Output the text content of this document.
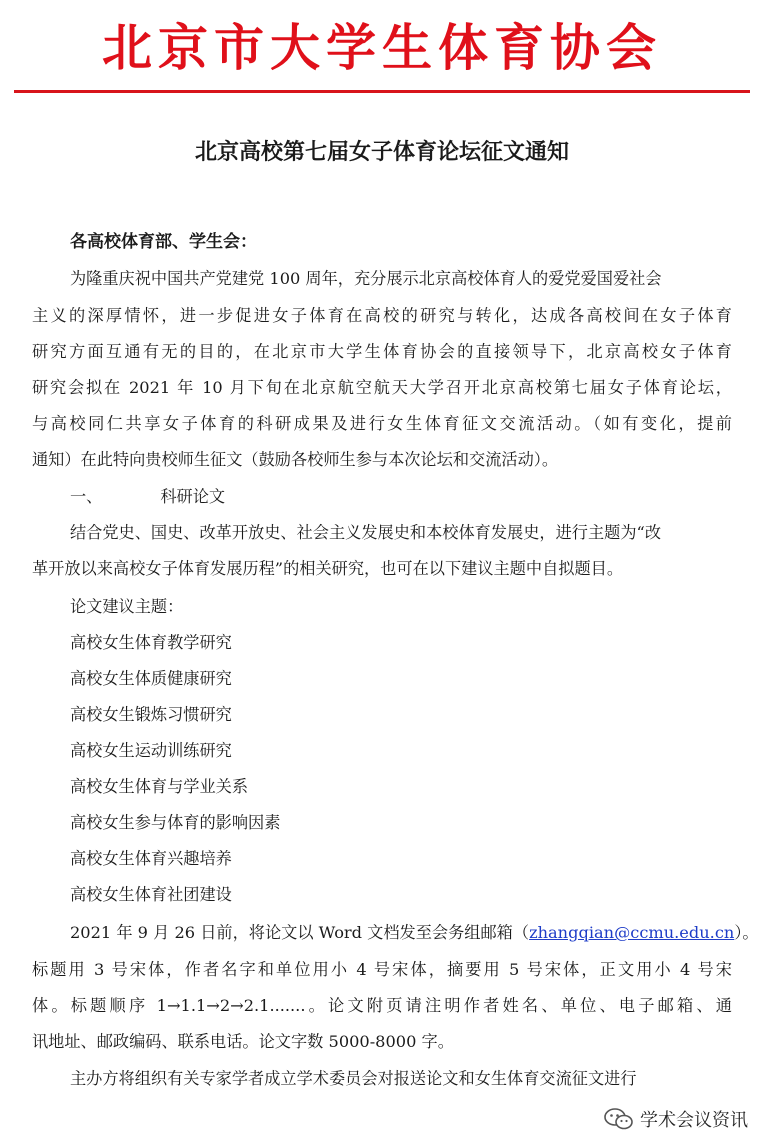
北京市大学生体育协会
北京高校第七届女子体育论坛征文通知
各高校体育部、学生会：
为隆重庆祝中国共产党建党 100 周年，充分展示北京高校体育人的爱党爱国爱社会
主义的深厚情怀，进一步促进女子体育在高校的研究与转化，达成各高校间在女子体育
研究方面互通有无的目的，在北京市大学生体育协会的直接领导下，北京高校女子体育
研究会拟在 2021 年 10 月下旬在北京航空航天大学召开北京高校第七届女子体育论坛，
与高校同仁共享女子体育的科研成果及进行女生体育征文交流活动。（如有变化，提前
通知）在此特向贵校师生征文（鼓励各校师生参与本次论坛和交流活动）。
一、	科研论文
结合党史、国史、改革开放史、社会主义发展史和本校体育发展史，进行主题为“改
革开放以来高校女子体育发展历程”的相关研究，也可在以下建议主题中自拟题目。
论文建议主题：
高校女生体育教学研究
高校女生体质健康研究
高校女生锻炼习惯研究
高校女生运动训练研究
高校女生体育与学业关系
高校女生参与体育的影响因素
高校女生体育兴趣培养
高校女生体育社团建设
2021 年 9 月 26 日前，将论文以 Word 文档发至会务组邮箱（zhangqian@ccmu.edu.cn）。
标题用 3 号宋体，作者名字和单位用小 4 号宋体，摘要用 5 号宋体，正文用小 4 号宋
体。标题顺序 1→1.1→2→2.1.......。论文附页请注明作者姓名、单位、电子邮箱、通
讯地址、邮政编码、联系电话。论文字数 5000-8000 字。
主办方将组织有关专家学者成立学术委员会对报送论文和女生体育交流征文进行
学术会议资讯
